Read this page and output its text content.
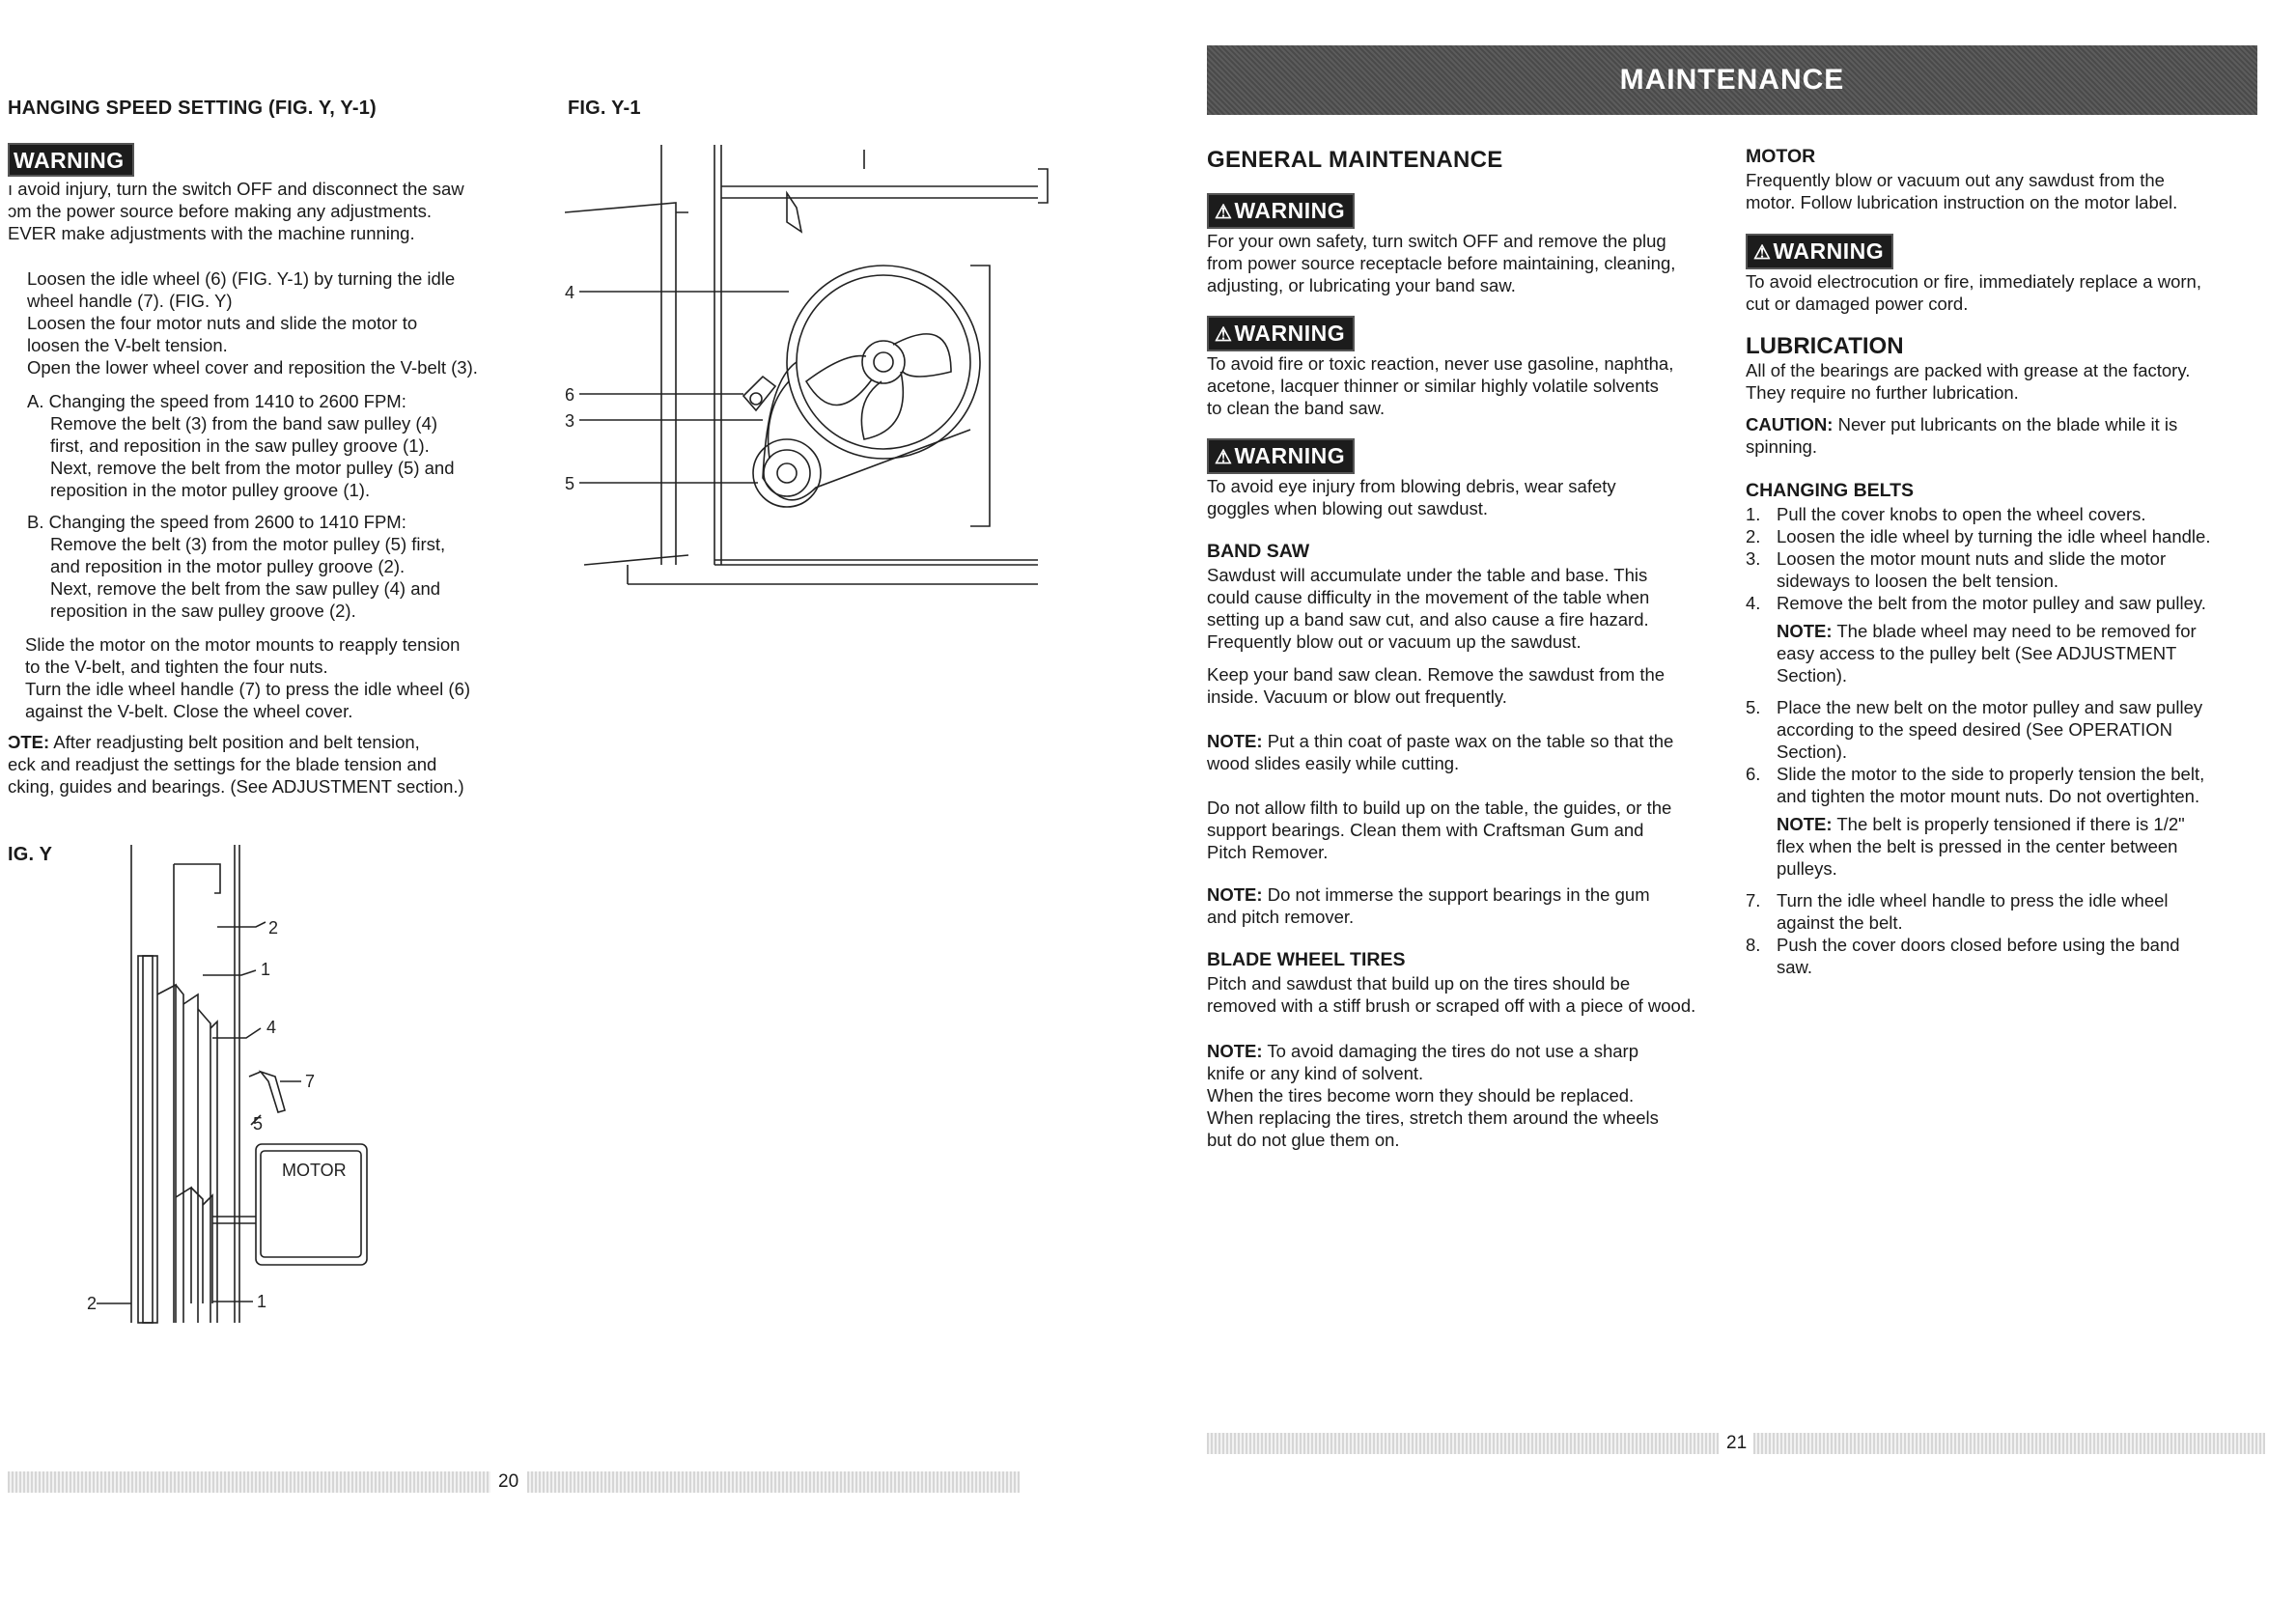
HANGING SPEED SETTING (FIG. Y, Y-1)
WARNING

ı avoid injury, turn the switch OFF and disconnect the saw

ɔm the power source before making any adjustments.

EVER make adjustments with the machine running.

Loosen the idle wheel (6) (FIG. Y-1) by turning the idle

wheel handle (7). (FIG. Y)

Loosen the four motor nuts and slide the motor to

loosen the V-belt tension.

Open the lower wheel cover and reposition the V-belt (3).

A. Changing the speed from 1410 to 2600 FPM:

Remove the belt (3) from the band saw pulley (4)

first, and reposition in the saw pulley groove (1).

Next, remove the belt from the motor pulley (5) and

reposition in the motor pulley groove (1).

B. Changing the speed from 2600 to 1410 FPM:

Remove the belt (3) from the motor pulley (5) first,

and reposition in the motor pulley groove (2).

Next, remove the belt from the saw pulley (4) and

reposition in the saw pulley groove (2).

Slide the motor on the motor mounts to reapply tension

to the V-belt, and tighten the four nuts.

Turn the idle wheel handle (7) to press the idle wheel (6)

against the V-belt. Close the wheel cover.

ƆTE: After readjusting belt position and belt tension,

eck and readjust the settings for the blade tension and

cking, guides and bearings. (See ADJUSTMENT section.)

IG. Y
FIG. Y-1
2
1
4
7
5
2	1
MOTOR
4
6
3
5
20
MAINTENANCE
GENERAL MAINTENANCE
⚠WARNING

For your own safety, turn switch OFF and remove the plug

from power source receptacle before maintaining, cleaning,

adjusting, or lubricating your band saw.

⚠WARNING

To avoid fire or toxic reaction, never use gasoline, naphtha,

acetone, lacquer thinner or similar highly volatile solvents

to clean the band saw.

⚠WARNING

To avoid eye injury from blowing debris, wear safety

goggles when blowing out sawdust.

BAND SAW

Sawdust will accumulate under the table and base. This

could cause difficulty in the movement of the table when

setting up a band saw cut, and also cause a fire hazard.

Frequently blow out or vacuum up the sawdust.

Keep your band saw clean. Remove the sawdust from the

inside. Vacuum or blow out frequently.

NOTE: Put a thin coat of paste wax on the table so that the

wood slides easily while cutting.

Do not allow filth to build up on the table, the guides, or the

support bearings. Clean them with Craftsman Gum and

Pitch Remover.

NOTE: Do not immerse the support bearings in the gum

and pitch remover.

BLADE WHEEL TIRES

Pitch and sawdust that build up on the tires should be

removed with a stiff brush or scraped off with a piece of wood.

NOTE: To avoid damaging the tires do not use a sharp

knife or any kind of solvent.

When the tires become worn they should be replaced.

When replacing the tires, stretch them around the wheels

but do not glue them on.

MOTOR

Frequently blow or vacuum out any sawdust from the

motor. Follow lubrication instruction on the motor label.

⚠WARNING

To avoid electrocution or fire, immediately replace a worn,

cut or damaged power cord.

LUBRICATION

All of the bearings are packed with grease at the factory.

They require no further lubrication.

CAUTION: Never put lubricants on the blade while it is

spinning.

CHANGING BELTS
1. Pull the cover knobs to open the wheel covers.

2. Loosen the idle wheel by turning the idle wheel handle.

3. Loosen the motor mount nuts and slide the motor

sideways to loosen the belt tension.

4. Remove the belt from the motor pulley and saw pulley.

NOTE: The blade wheel may need to be removed for

easy access to the pulley belt (See ADJUSTMENT

Section).

5. Place the new belt on the motor pulley and saw pulley

according to the speed desired (See OPERATION

Section).

6. Slide the motor to the side to properly tension the belt,

and tighten the motor mount nuts. Do not overtighten.

NOTE: The belt is properly tensioned if there is 1/2"

flex when the belt is pressed in the center between

pulleys.

7. Turn the idle wheel handle to press the idle wheel

against the belt.

8. Push the cover doors closed before using the band

saw.

21
